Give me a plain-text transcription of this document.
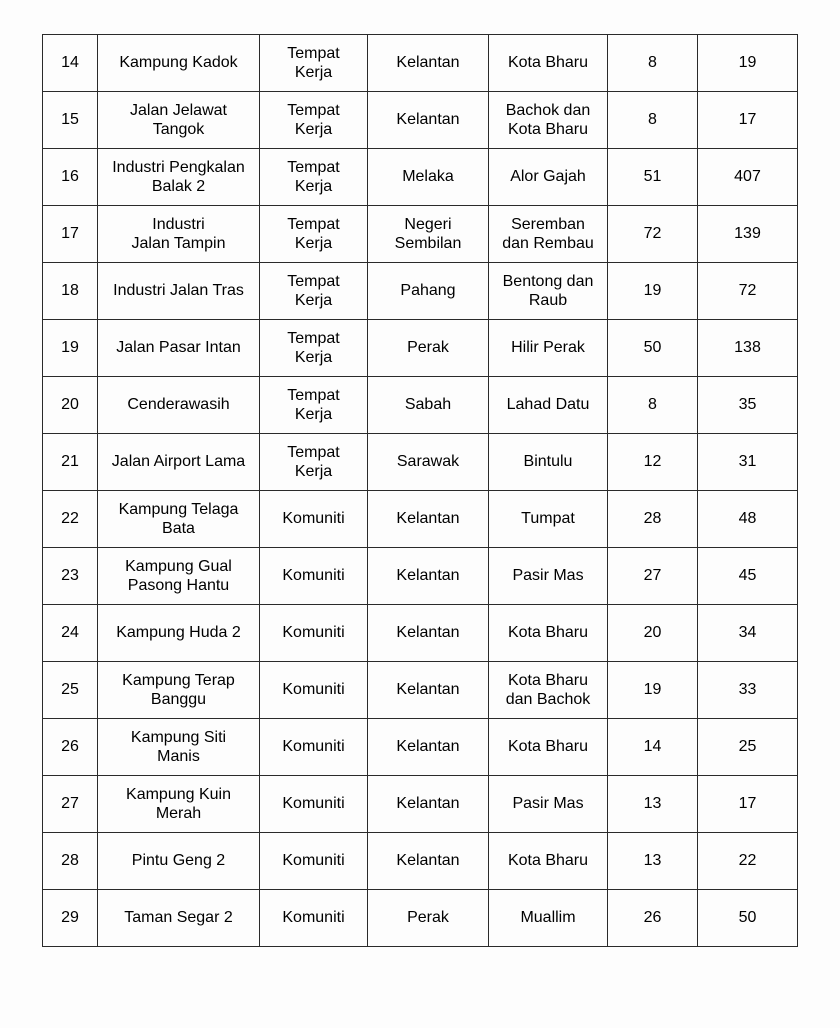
14	Kampung Kadok	Tempat
Kerja	Kelantan	Kota Bharu	8	19
15	Jalan Jelawat
Tangok	Tempat
Kerja	Kelantan	Bachok dan
Kota Bharu	8	17
16	Industri Pengkalan
Balak 2	Tempat
Kerja	Melaka	Alor Gajah	51	407
17	Industri
Jalan Tampin	Tempat
Kerja	Negeri
Sembilan	Seremban
dan Rembau	72	139
18	Industri Jalan Tras	Tempat
Kerja	Pahang	Bentong dan
Raub	19	72
19	Jalan Pasar Intan	Tempat
Kerja	Perak	Hilir Perak	50	138
20	Cenderawasih	Tempat
Kerja	Sabah	Lahad Datu	8	35
21	Jalan Airport Lama	Tempat
Kerja	Sarawak	Bintulu	12	31
22	Kampung Telaga
Bata	Komuniti	Kelantan	Tumpat	28	48
23	Kampung Gual
Pasong Hantu	Komuniti	Kelantan	Pasir Mas	27	45
24	Kampung Huda 2	Komuniti	Kelantan	Kota Bharu	20	34
25	Kampung Terap
Banggu	Komuniti	Kelantan	Kota Bharu
dan Bachok	19	33
26	Kampung Siti
Manis	Komuniti	Kelantan	Kota Bharu	14	25
27	Kampung Kuin
Merah	Komuniti	Kelantan	Pasir Mas	13	17
28	Pintu Geng 2	Komuniti	Kelantan	Kota Bharu	13	22
29	Taman Segar 2	Komuniti	Perak	Muallim	26	50
